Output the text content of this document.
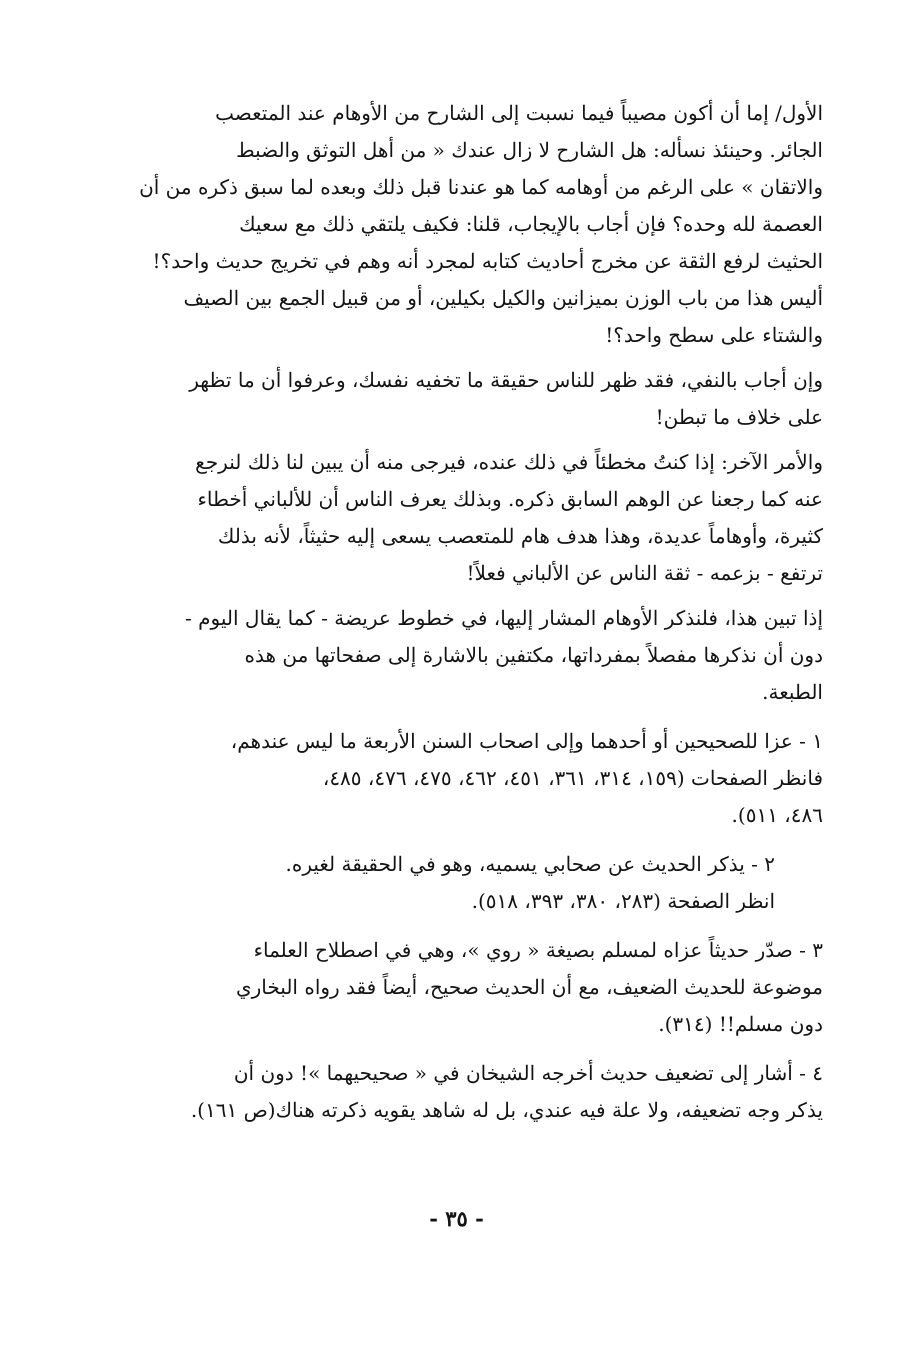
الأول/ إما أن أكون مصيباً فيما نسبت إلى الشارح من الأوهام عند المتعصب
الجائر. وحينئذ نسأله: هل الشارح لا زال عندك « من أهل التوثق والضبط
والاتقان » على الرغم من أوهامه كما هو عندنا قبل ذلك وبعده لما سبق ذكره من أن
العصمة لله وحده؟ فإن أجاب بالإيجاب، قلنا: فكيف يلتقي ذلك مع سعيك
الحثيث لرفع الثقة عن مخرج أحاديث كتابه لمجرد أنه وهم في تخريج حديث واحد؟!
أليس هذا من باب الوزن بميزانين والكيل بكيلين، أو من قبيل الجمع بين الصيف
والشتاء على سطح واحد؟!
وإن أجاب بالنفي، فقد ظهر للناس حقيقة ما تخفيه نفسك، وعرفوا أن ما تظهر
على خلاف ما تبطن!
والأمر الآخر: إذا كنتُ مخطئاً في ذلك عنده، فيرجى منه أن يبين لنا ذلك لنرجع
عنه كما رجعنا عن الوهم السابق ذكره. وبذلك يعرف الناس أن للألباني أخطاء
كثيرة، وأوهاماً عديدة، وهذا هدف هام للمتعصب يسعى إليه حثيثاً، لأنه بذلك
ترتفع - بزعمه - ثقة الناس عن الألباني فعلاً!
إذا تبين هذا، فلنذكر الأوهام المشار إليها، في خطوط عريضة - كما يقال اليوم -
دون أن نذكرها مفصلاً بمفرداتها، مكتفين بالاشارة إلى صفحاتها من هذه
الطبعة.
١ - عزا للصحيحين أو أحدهما وإلى اصحاب السنن الأربعة ما ليس عندهم،
فانظر الصفحات (١٥٩، ٣١٤، ٣٦١، ٤٥١، ٤٦٢، ٤٧٥، ٤٧٦، ٤٨٥،
٤٨٦، ٥١١).
٢ - يذكر الحديث عن صحابي يسميه، وهو في الحقيقة لغيره.
انظر الصفحة (٢٨٣، ٣٨٠، ٣٩٣، ٥١٨).
٣ - صدّر حديثاً عزاه لمسلم بصيغة « روي »، وهي في اصطلاح العلماء
موضوعة للحديث الضعيف، مع أن الحديث صحيح، أيضاً فقد رواه البخاري
دون مسلم!! (٣١٤).
٤ - أشار إلى تضعيف حديث أخرجه الشيخان في « صحيحيهما »! دون أن
يذكر وجه تضعيفه، ولا علة فيه عندي، بل له شاهد يقويه ذكرته هناك(ص ١٦١).
- ٣٥ -
